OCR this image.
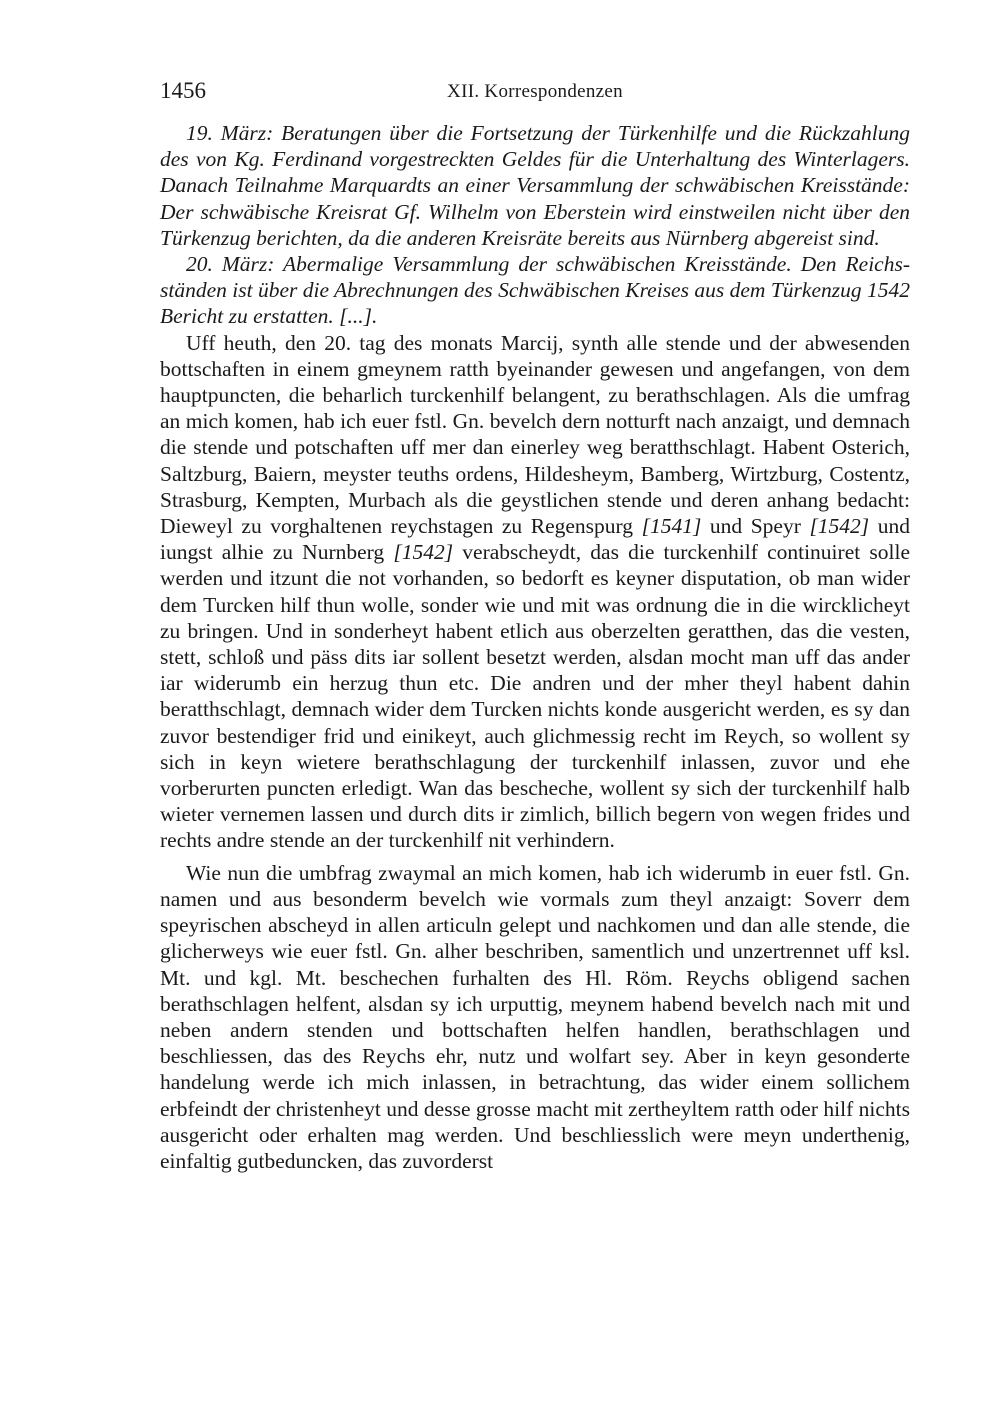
1456	XII. Korrespondenzen

19. März: Beratungen über die Fortsetzung der Türkenhilfe und die Rückzahlung des von Kg. Ferdinand vorgestreckten Geldes für die Unterhaltung des Winterlagers. Danach Teilnahme Marquardts an einer Versammlung der schwäbischen Kreisstände: Der schwäbische Kreisrat Gf. Wilhelm von Eberstein wird einstweilen nicht über den Türkenzug berichten, da die anderen Kreisräte bereits aus Nürnberg abgereist sind.

20. März: Abermalige Versammlung der schwäbischen Kreisstände. Den Reichsständen ist über die Abrechnungen des Schwäbischen Kreises aus dem Türkenzug 1542 Bericht zu erstatten. [...].

Uff heuth, den 20. tag des monats Marcij, synth alle stende und der abwesenden bottschaften in einem gmeynem ratth byeinander gewesen und angefangen, von dem hauptpuncten, die beharlich turckenhilf belangent, zu berathschlagen. Als die umfrag an mich komen, hab ich euer fstl. Gn. bevelch dern notturft nach anzaigt, und demnach die stende und potschaften uff mer dan einerley weg beratthschlagt. Habent Osterich, Saltzburg, Baiern, meyster teuths ordens, Hildesheym, Bamberg, Wirtzburg, Costentz, Strasburg, Kempten, Murbach als die geystlichen stende und deren anhang bedacht: Dieweyl zu vorghaltenen reychstagen zu Regenspurg [1541] und Speyr [1542] und iungst alhie zu Nurnberg [1542] verabscheydt, das die turckenhilf continuiret solle werden und itzunt die not vorhanden, so bedorft es keyner disputation, ob man wider dem Turcken hilf thun wolle, sonder wie und mit was ordnung die in die wircklicheyt zu bringen. Und in sonderheyt habent etlich aus oberzelten geratthen, das die vesten, stett, schloß und päss dits iar sollent besetzt werden, alsdan mocht man uff das ander iar widerumb ein herzug thun etc. Die andren und der mher theyl habent dahin beratthschlagt, demnach wider dem Turcken nichts konde ausgericht werden, es sy dan zuvor bestendiger frid und einikeyt, auch glichmessig recht im Reych, so wollent sy sich in keyn wietere berathschlagung der turckenhilf inlassen, zuvor und ehe vorberurten puncten erledigt. Wan das bescheche, wollent sy sich der turckenhilf halb wieter vernemen lassen und durch dits ir zimlich, billich begern von wegen frides und rechts andre stende an der turckenhilf nit verhindern.

Wie nun die umbfrag zwaymal an mich komen, hab ich widerumb in euer fstl. Gn. namen und aus besonderm bevelch wie vormals zum theyl anzaigt: Soverr dem speyrischen abscheyd in allen articuln gelept und nachkomen und dan alle stende, die glicherweys wie euer fstl. Gn. alher beschriben, samentlich und unzertrennet uff ksl. Mt. und kgl. Mt. beschechen furhalten des Hl. Röm. Reychs obligend sachen berathschlagen helfent, alsdan sy ich urputtig, meynem habend bevelch nach mit und neben andern stenden und bottschaften helfen handlen, berathschlagen und beschliessen, das des Reychs ehr, nutz und wolfart sey. Aber in keyn gesonderte handelung werde ich mich inlassen, in betrachtung, das wider einem sollichem erbfeindt der christenheyt und desse grosse macht mit zertheyltem ratth oder hilf nichts ausgericht oder erhalten mag werden. Und beschliesslich were meyn underthenig, einfaltig gutbeduncken, das zuvorderst
